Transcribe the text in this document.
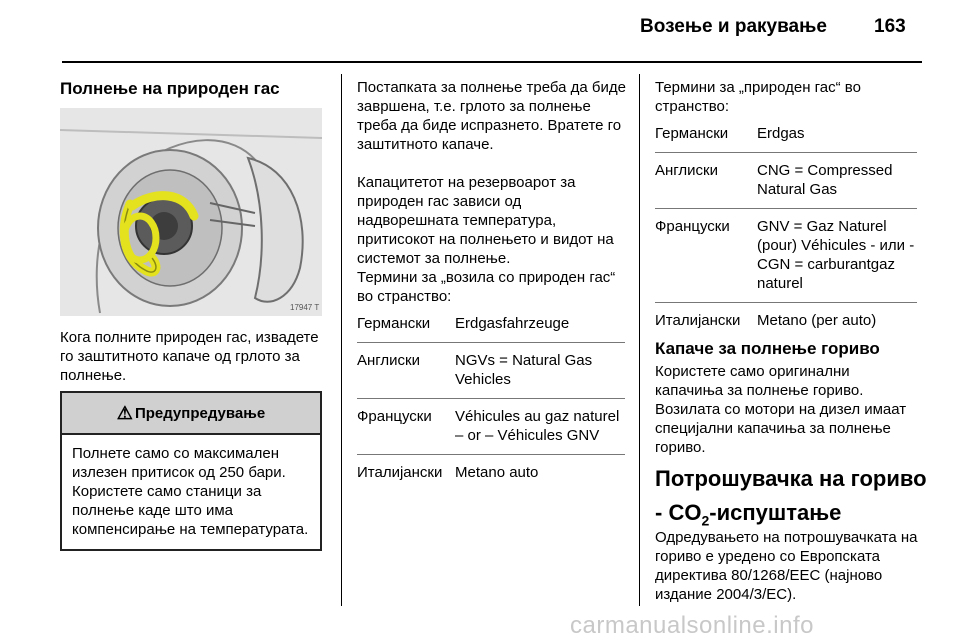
Возење и ракување 163
Полнење на природен гас
17947 T
Кога полните природен гас, извадете го заштитното капаче од грлото за полнење.
⚠ Предупредување
Полнете само со максимален излезен притисок од 250 бари. Користете само станици за полнење каде што има компенсирање на температурата.
Постапката за полнење треба да биде завршена, т.е. грлото за полнење треба да биде испразнето. Вратете го заштитното капаче.
Капацитетот на резервоарот за природен гас зависи од надворешната температура, притисокот на полнењето и видот на системот за полнење.
Термини за „возила со природен гас“ во странство:
Германски	Erdgasfahrzeuge
Англиски	NGVs = Natural Gas Vehicles
Француски	Véhicules au gaz naturel – or – Véhicules GNV
Италијански	Metano auto
Термини за „природен гас“ во странство:
Германски	Erdgas
Англиски	CNG = Compressed Natural Gas
Француски	GNV = Gaz Naturel (pour) Véhicules - или - CGN = carburantgaz naturel
Италијански	Metano (per auto)
Капаче за полнење гориво
Користете само оригинални капачиња за полнење гориво. Возилата со мотори на дизел имаат специјални капачиња за полнење гориво.
Потрошувачка на гориво - $CO_2$-испуштање
Одредувањето на потрошувачката на гориво е уредено со Европската директива 80/1268/EEC (најново издание 2004/3/EC).
carmanualsonline.info
